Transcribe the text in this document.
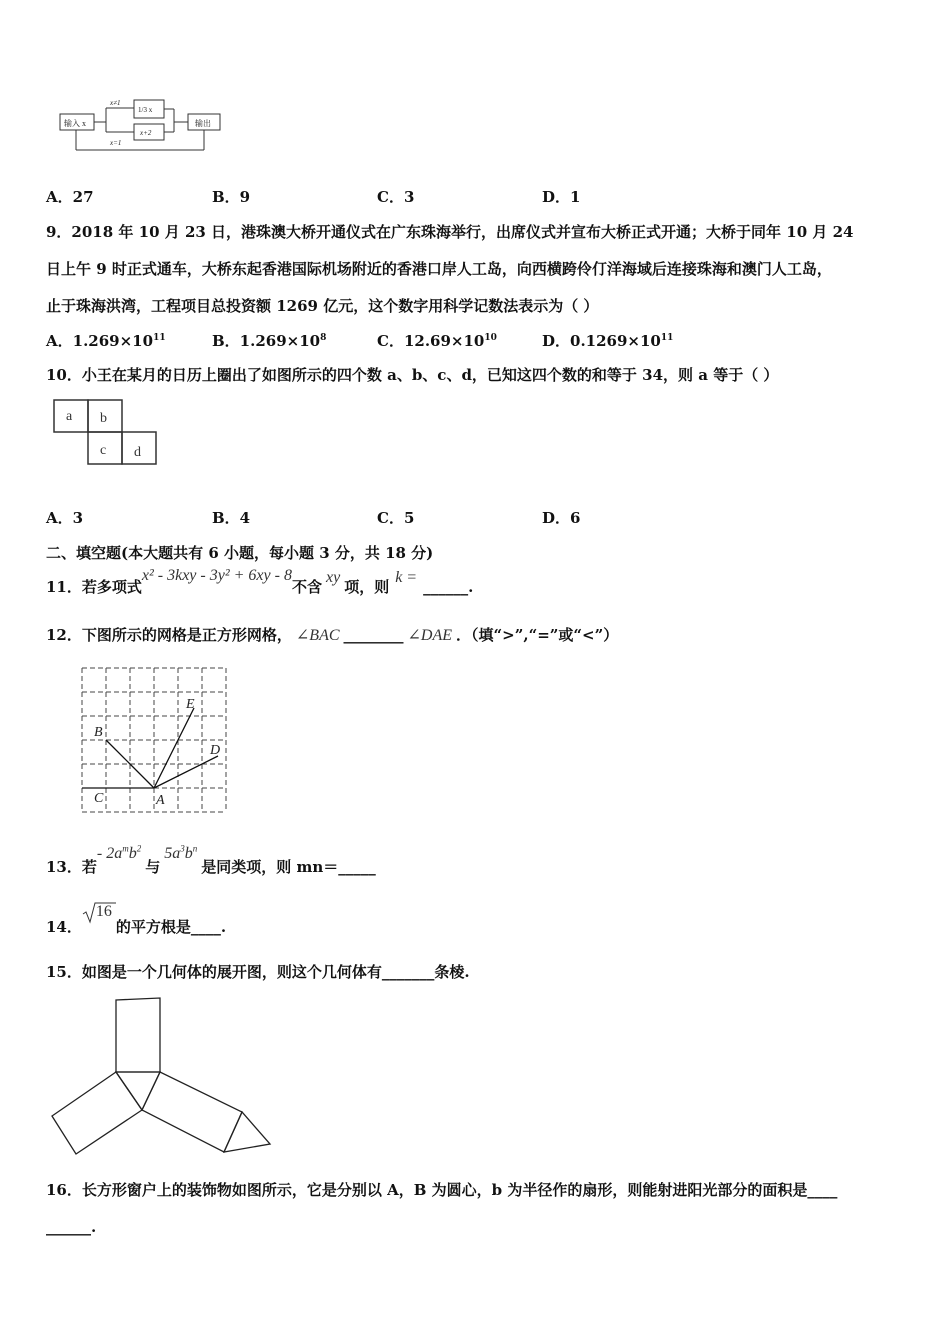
输入 x
x≠1
1/3 x
x+2
输出
x=1
A．27	B．9	C．3	D．1
9．2018 年 10 月 23 日，港珠澳大桥开通仪式在广东珠海举行，出席仪式并宣布大桥正式开通；大桥于同年 10 月 24
日上午 9 时正式通车，大桥东起香港国际机场附近的香港口岸人工岛，向西横跨伶仃洋海域后连接珠海和澳门人工岛，
止于珠海洪湾，工程项目总投资额 1269 亿元，这个数字用科学记数法表示为（ ）
A．$1.269\times 10^{11}$	B．$1.269\times 10^8$	C．$12.69\times 10^{10}$	D．$0.1269\times 10^{11}$
10．小王在某月的日历上圈出了如图所示的四个数 a、b、c、d，已知这四个数的和等于 34，则 a 等于（ ）
a b
c d
A．3	B．4	C．5	D．6
二、填空题(本大题共有 6 小题，每小题 3 分，共 18 分)
11．若多项式x² - 3kxy - 3y² + 6xy - 8不含xy项，则k =______.
12．下图所示的网格是正方形网格， ∠BAC ________ ∠DAE ．（填“>”,“=”或“<”）
A
B
C
D
E
13．若- $2a^mb^2$与$5a^3b^n$是同类项，则 mn＝_____
14．
16
的平方根是____.
15．如图是一个几何体的展开图，则这个几何体有_______条棱.
16．长方形窗户上的装饰物如图所示，它是分别以 A，B 为圆心，b 为半径作的扇形，则能射进阳光部分的面积是____
______.
